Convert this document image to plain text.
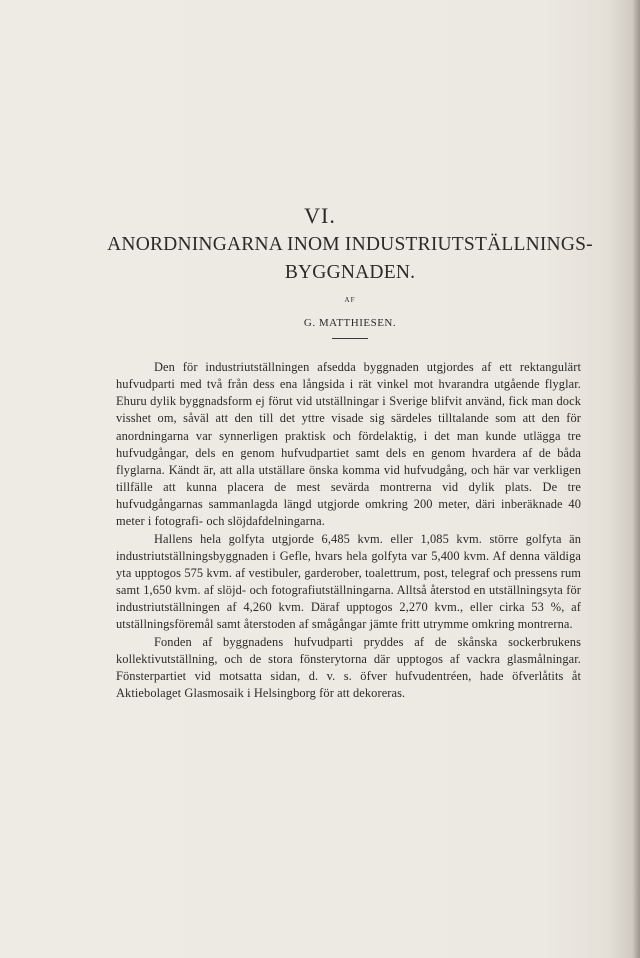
VI.
ANORDNINGARNA INOM INDUSTRIUTSTÄLLNINGS-
BYGGNADEN.
AF
G. MATTHIESEN.

Den för industriutställningen afsedda byggnaden utgjordes af ett rektangulärt hufvudparti med två från dess ena långsida i rät vinkel mot hvarandra utgående flyglar. Ehuru dylik byggnadsform ej förut vid utställningar i Sverige blifvit använd, fick man dock visshet om, såväl att den till det yttre visade sig särdeles tilltalande som att den för anordningarna var synnerligen praktisk och fördelaktig, i det man kunde utlägga tre hufvudgångar, dels en genom hufvudpartiet samt dels en genom hvardera af de båda flyglarna. Kändt är, att alla utställare önska komma vid hufvudgång, och här var verkligen tillfälle att kunna placera de mest sevärda montrerna vid dylik plats. De tre hufvudgångarnas sammanlagda längd utgjorde omkring 200 meter, däri inberäknade 40 meter i fotografi- och slöjdafdelningarna.

Hallens hela golfyta utgjorde 6,485 kvm. eller 1,085 kvm. större golfyta än industriutställningsbyggnaden i Gefle, hvars hela golfyta var 5,400 kvm. Af denna väldiga yta upptogos 575 kvm. af vestibuler, garderober, toalettrum, post, telegraf och pressens rum samt 1,650 kvm. af slöjd- och fotografiutställningarna. Alltså återstod en utställningsyta för industriutställningen af 4,260 kvm. Däraf upptogos 2,270 kvm., eller cirka 53 %, af utställningsföremål samt återstoden af smågångar jämte fritt utrymme omkring montrerna.

Fonden af byggnadens hufvudparti pryddes af de skånska sockerbrukens kollektivutställning, och de stora fönsterytorna där upptogos af vackra glasmålningar. Fönsterpartiet vid motsatta sidan, d. v. s. öfver hufvudentréen, hade öfverlåtits åt Aktiebolaget Glasmosaik i Helsingborg för att dekoreras.
